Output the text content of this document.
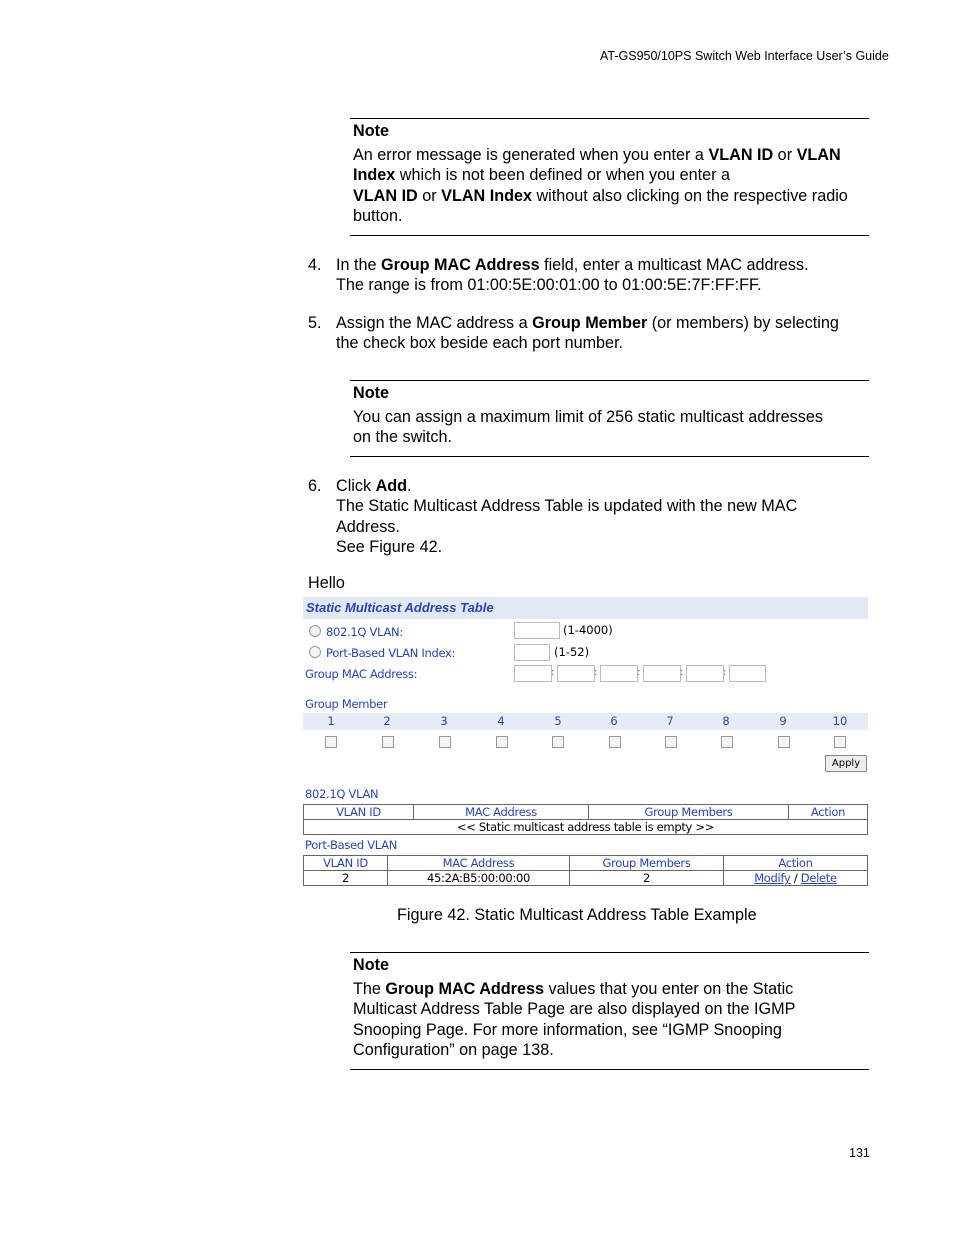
AT-GS950/10PS Switch Web Interface User’s Guide
Note
An error message is generated when you enter a VLAN ID or VLAN Index which is not been defined or when you enter a
VLAN ID or VLAN Index without also clicking on the respective radio button.
4. In the Group MAC Address field, enter a multicast MAC address.
The range is from 01:00:5E:00:01:00 to 01:00:5E:7F:FF:FF.
5. Assign the MAC address a Group Member (or members) by selecting
the check box beside each port number.
Note
You can assign a maximum limit of 256 static multicast addresses
on the switch.
6. Click Add.
The Static Multicast Address Table is updated with the new MAC
Address.
See Figure 42.
Hello
Static Multicast Address Table
802.1Q VLAN:	(1-4000)
Port-Based VLAN Index:	(1-52)
Group MAC Address:	:	:	:	:	:
Group Member
1	2	3	4	5	6	7	8	9	10
Apply
802.1Q VLAN
VLAN ID	MAC Address	Group Members	Action
<< Static multicast address table is empty >>
Port-Based VLAN
VLAN ID	MAC Address	Group Members	Action
2	45:2A:B5:00:00:00	2	Modify / Delete
Figure 42. Static Multicast Address Table Example
Note
The Group MAC Address values that you enter on the Static
Multicast Address Table Page are also displayed on the IGMP
Snooping Page. For more information, see “IGMP Snooping
Configuration” on page 138.
131
